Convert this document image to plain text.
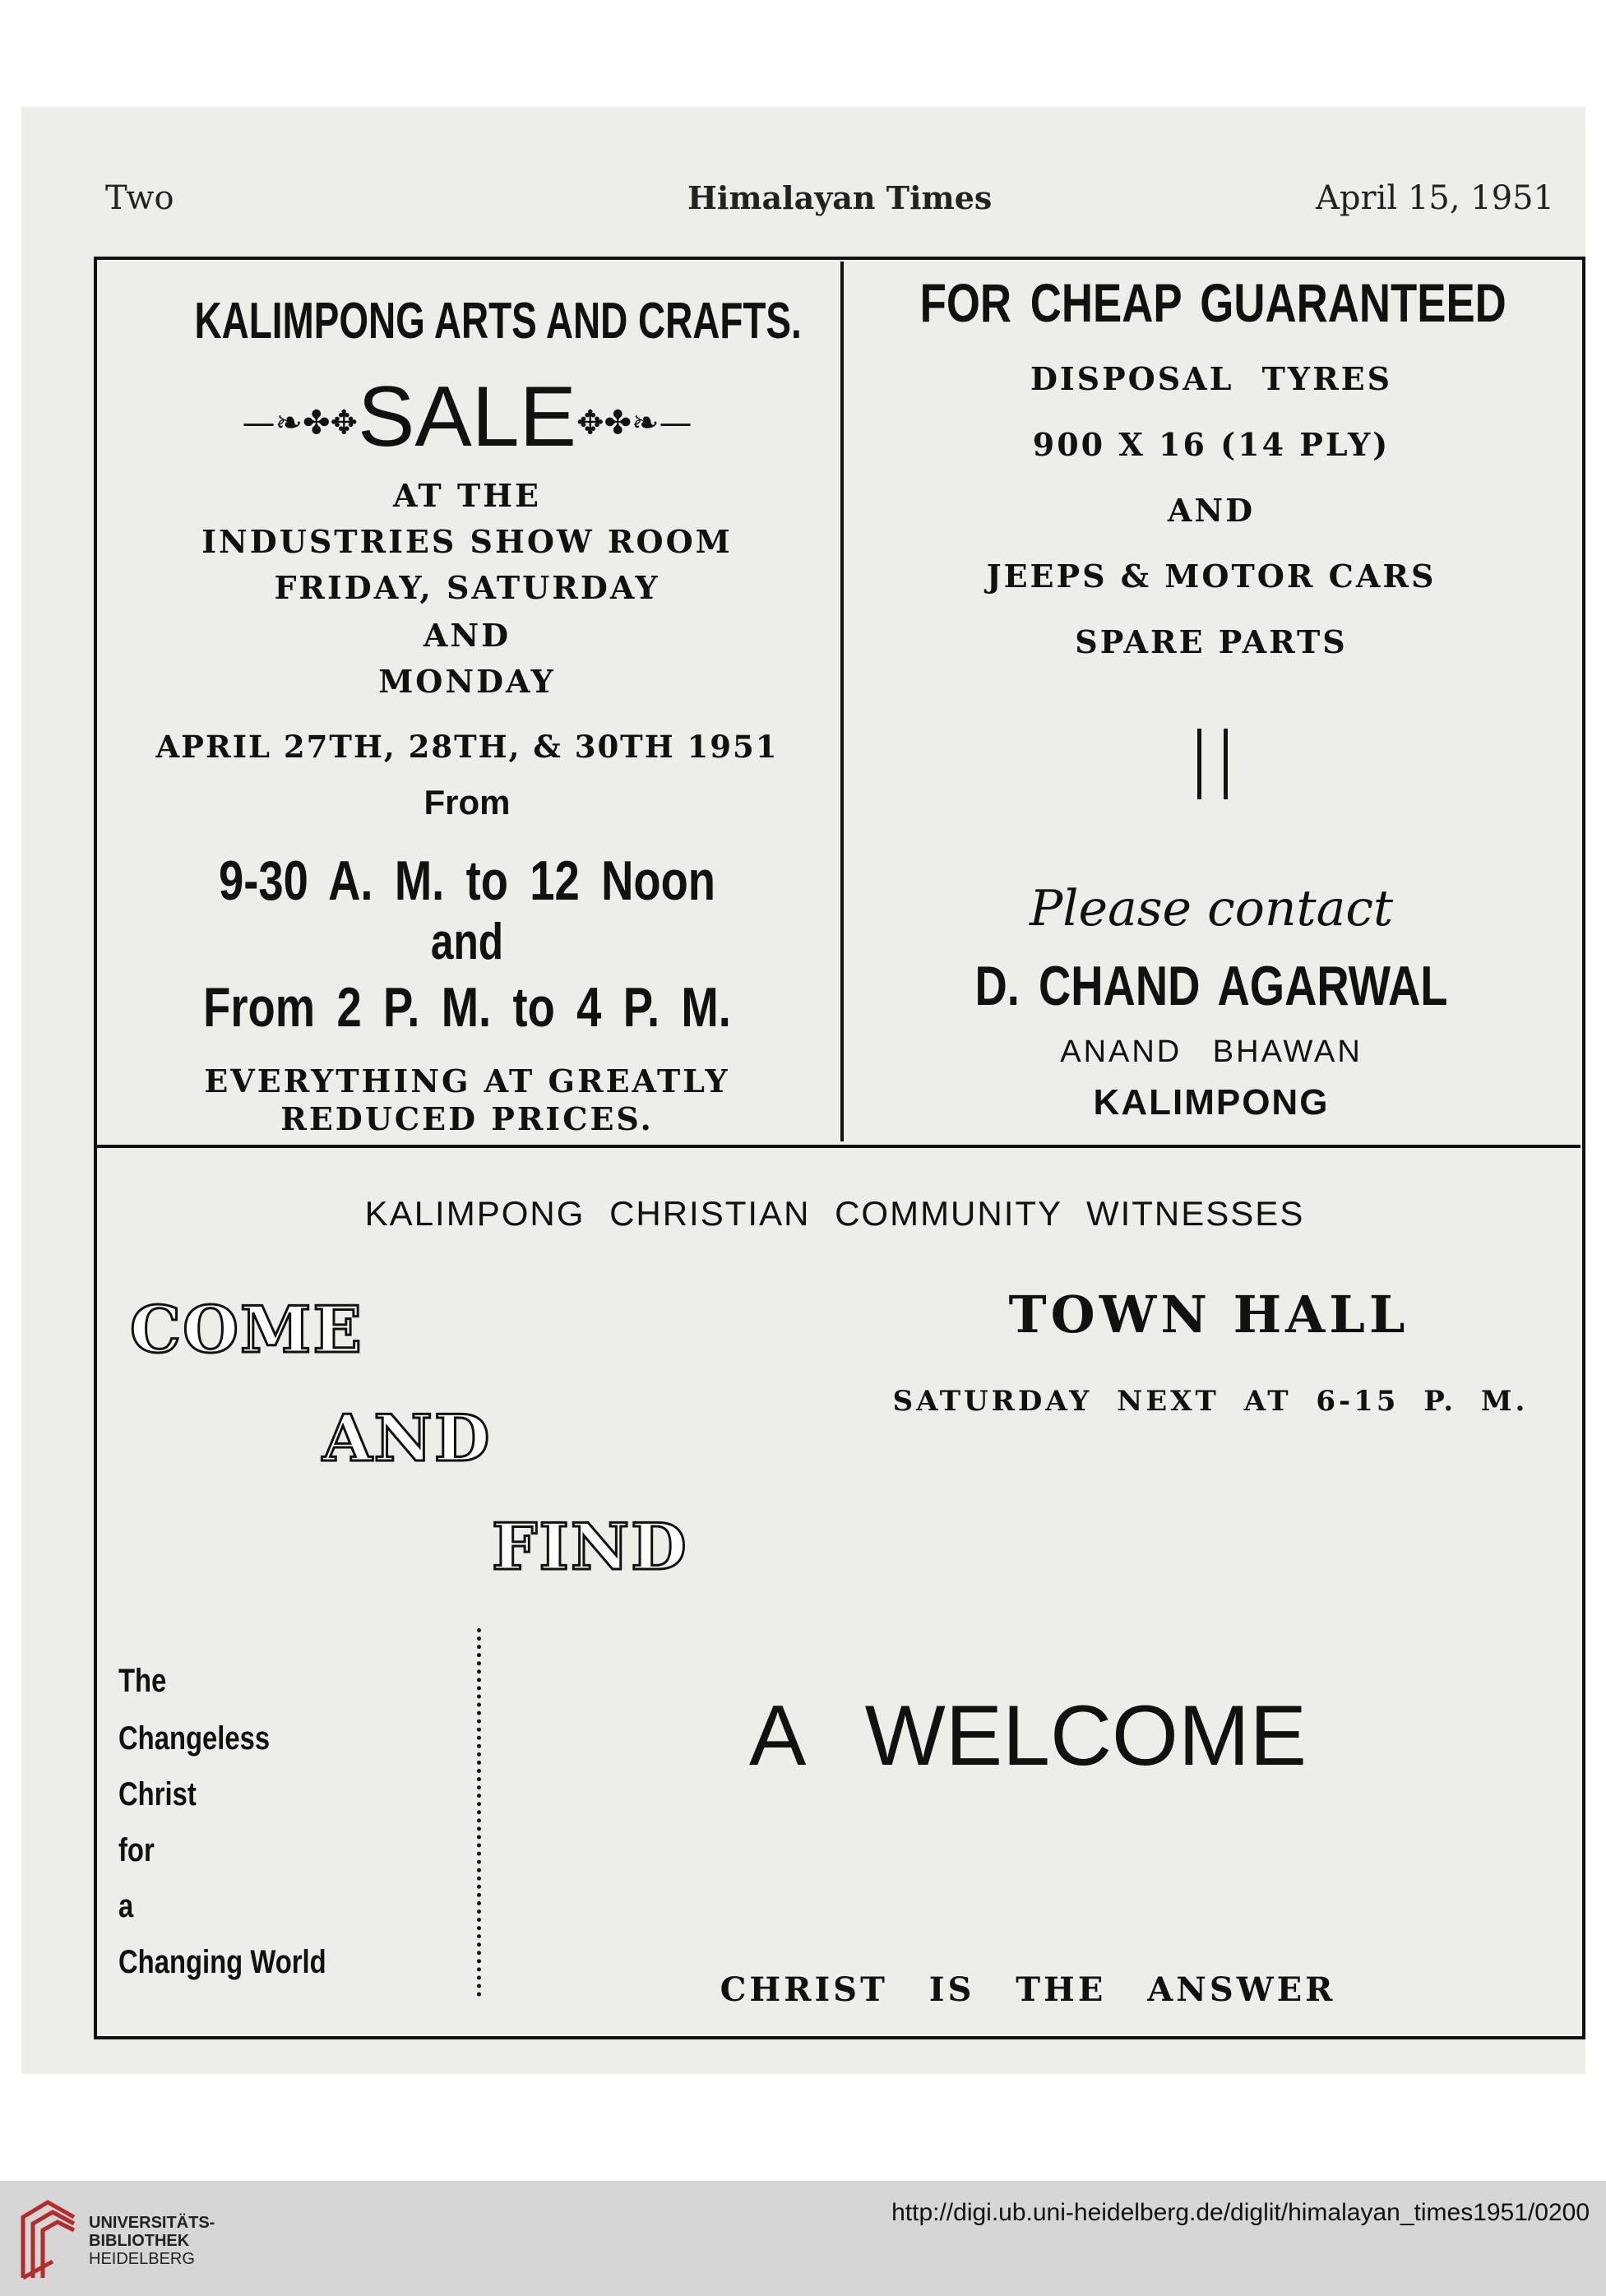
Two	Himalayan Times	April 15, 1951
KALIMPONG ARTS AND CRAFTS.
—❧✤✥SALE✥✤❧—
AT THE
INDUSTRIES SHOW ROOM
FRIDAY, SATURDAY
AND
MONDAY
APRIL 27TH, 28TH, & 30TH 1951
From
9-30 A. M. to 12 Noon
and
From 2 P. M. to 4 P. M.
EVERYTHING AT GREATLY
REDUCED PRICES.
FOR CHEAP GUARANTEED
DISPOSAL TYRES
900 X 16 (14 PLY)
AND
JEEPS & MOTOR CARS
SPARE PARTS
Please contact
D. CHAND AGARWAL
ANAND BHAWAN
KALIMPONG
KALIMPONG CHRISTIAN COMMUNITY WITNESSES
COME
AND
FIND
TOWN HALL
SATURDAY NEXT AT 6-15 P. M.
The
Changeless
Christ
for
a
Changing World
A WELCOME
CHRIST IS THE ANSWER
UNIVERSITÄTS-
BIBLIOTHEK
HEIDELBERG
http://digi.ub.uni-heidelberg.de/diglit/himalayan_times1951/0200
